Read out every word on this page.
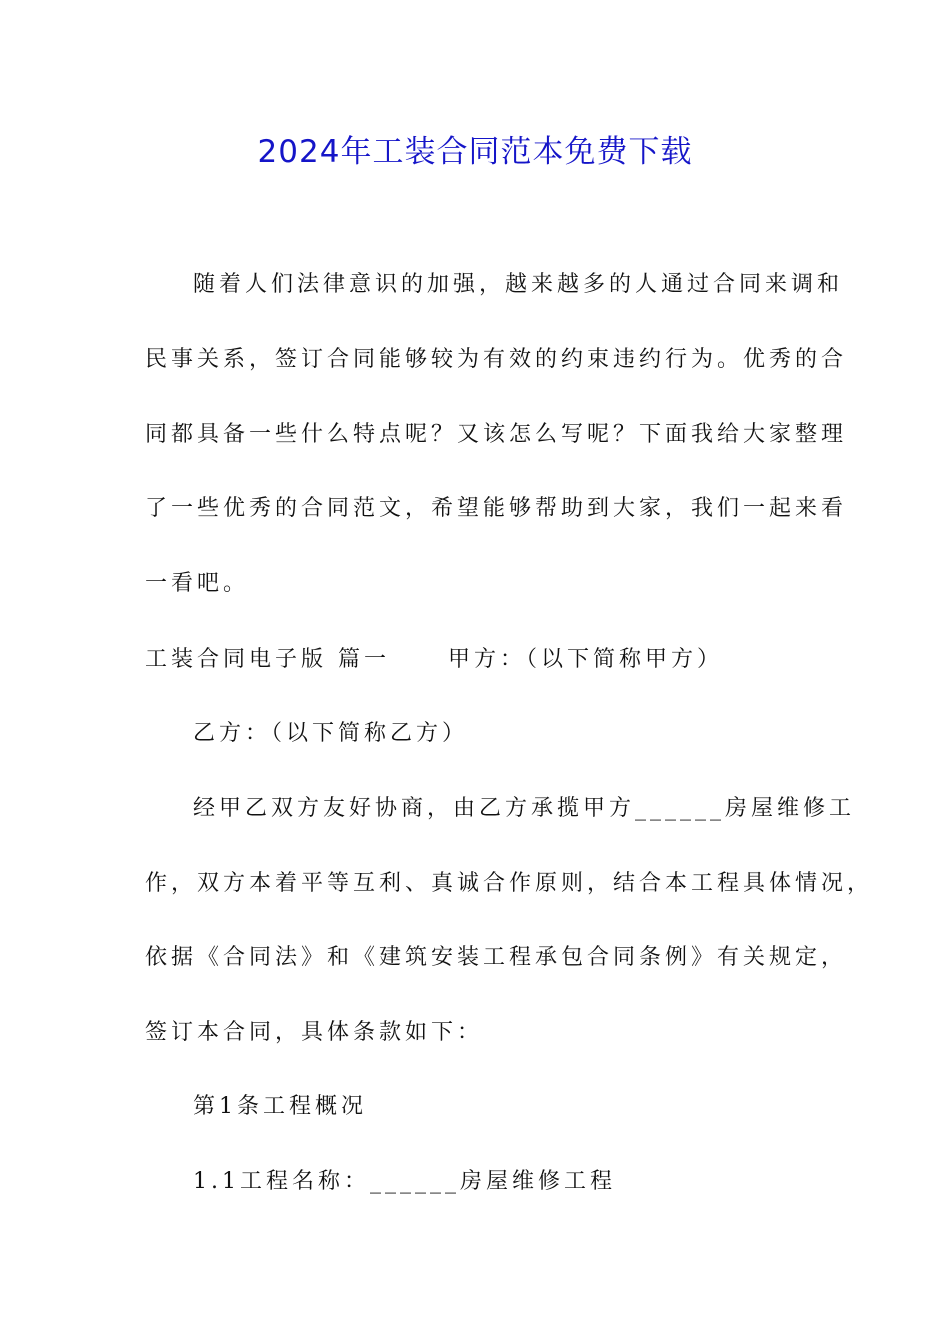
2024年工装合同范本免费下载
随着人们法律意识的加强，越来越多的人通过合同来调和
民事关系，签订合同能够较为有效的约束违约行为。优秀的合
同都具备一些什么特点呢？又该怎么写呢？下面我给大家整理
了一些优秀的合同范文，希望能够帮助到大家，我们一起来看
一看吧。
工装合同电子版 篇一	甲方：（以下简称甲方）
乙方：（以下简称乙方）
经甲乙双方友好协商，由乙方承揽甲方______房屋维修工
作，双方本着平等互利、真诚合作原则，结合本工程具体情况，
依据《合同法》和《建筑安装工程承包合同条例》有关规定，
签订本合同，具体条款如下：
第1条工程概况
1.1工程名称：______房屋维修工程
